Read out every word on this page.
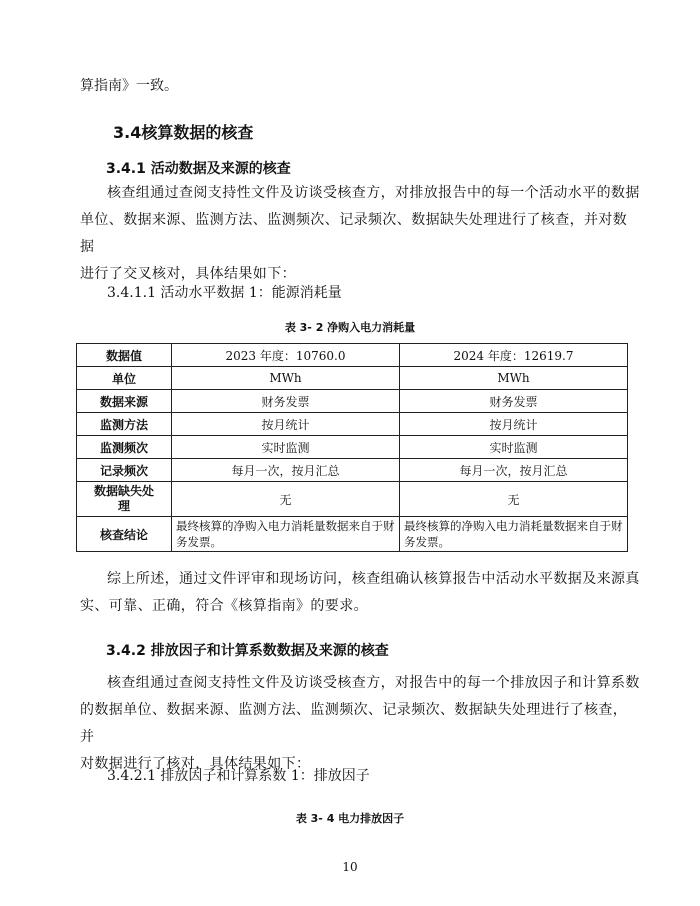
算指南》一致。
3.4核算数据的核查
3.4.1 活动数据及来源的核查
核查组通过查阅支持性文件及访谈受核查方，对排放报告中的每一个活动水平的数据
单位、数据来源、监测方法、监测频次、记录频次、数据缺失处理进行了核查，并对数据
进行了交叉核对，具体结果如下：
3.4.1.1 活动水平数据 1：能源消耗量
表 3- 2 净购入电力消耗量
数据值	2023 年度：10760.0	2024 年度：12619.7
单位	MWh	MWh
数据来源	财务发票	财务发票
监测方法	按月统计	按月统计
监测频次	实时监测	实时监测
记录频次	每月一次，按月汇总	每月一次，按月汇总
数据缺失处理	无	无
核查结论	最终核算的净购入电力消耗量数据来自于财务发票。	最终核算的净购入电力消耗量数据来自于财务发票。
综上所述，通过文件评审和现场访问，核查组确认核算报告中活动水平数据及来源真
实、可靠、正确，符合《核算指南》的要求。
3.4.2 排放因子和计算系数数据及来源的核查
核查组通过查阅支持性文件及访谈受核查方，对报告中的每一个排放因子和计算系数
的数据单位、数据来源、监测方法、监测频次、记录频次、数据缺失处理进行了核查，并
对数据进行了核对，具体结果如下：
3.4.2.1 排放因子和计算系数 1：排放因子
表 3- 4 电力排放因子
10
